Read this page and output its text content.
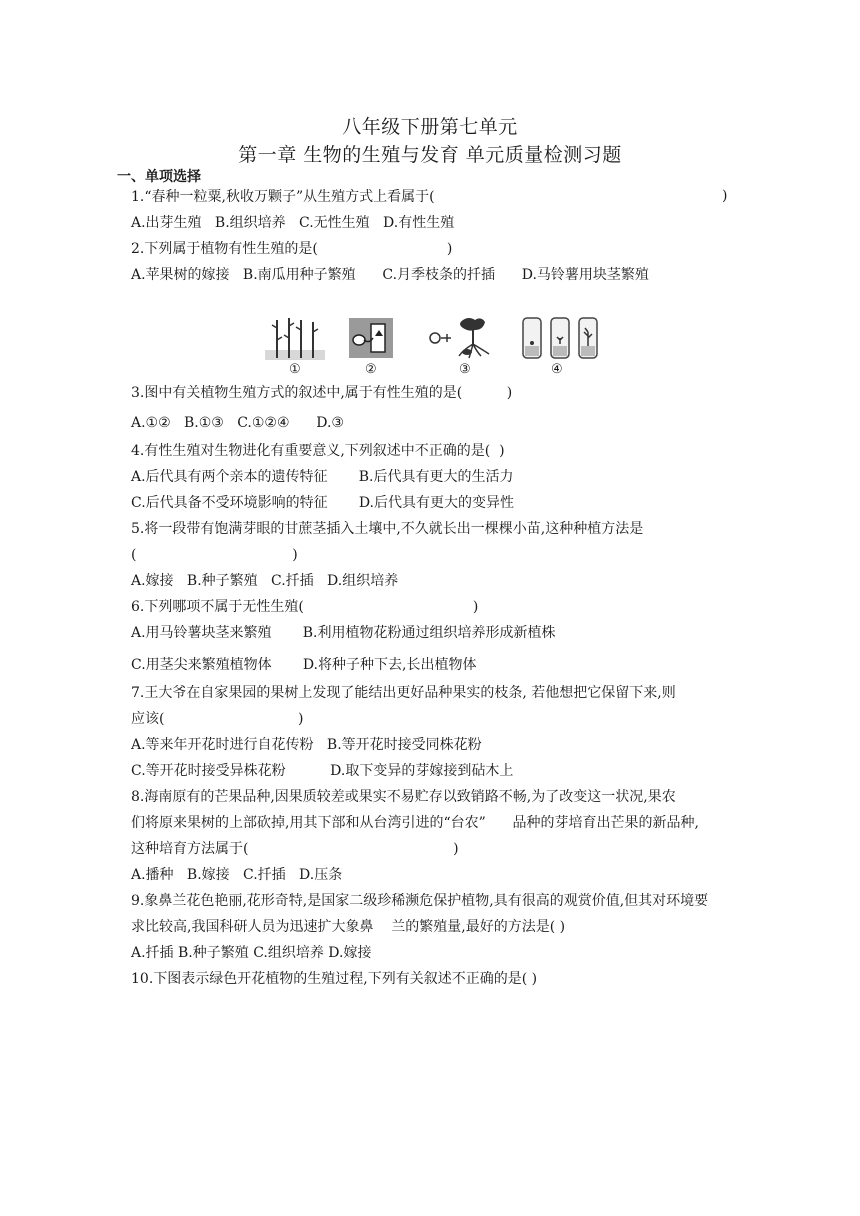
八年级下册第七单元
第一章 生物的生殖与发育 单元质量检测习题
一、单项选择
1.“春种一粒粟,秋收万颗子”从生殖方式上看属于(	)
A.出芽生殖   B.组织培养   C.无性生殖   D.有性生殖
2.下列属于植物有性生殖的是(                             )
A.苹果树的嫁接   B.南瓜用种子繁殖      C.月季枝条的扦插      D.马铃薯用块茎繁殖
①	②	③	④
3.图中有关植物生殖方式的叙述中,属于有性生殖的是(          )
A.①②   B.①③   C.①②④      D.③
4.有性生殖对生物进化有重要意义,下列叙述中不正确的是(  )
A.后代具有两个亲本的遗传特征       B.后代具有更大的生活力
C.后代具备不受环境影响的特征       D.后代具有更大的变异性
5.将一段带有饱满芽眼的甘蔗茎插入土壤中,不久就长出一棵棵小苗,这种种植方法是
(                                   )
A.嫁接   B.种子繁殖   C.扦插   D.组织培养
6.下列哪项不属于无性生殖(                                      )
A.用马铃薯块茎来繁殖       B.利用植物花粉通过组织培养形成新植株
C.用茎尖来繁殖植物体       D.将种子种下去,长出植物体
7.王大爷在自家果园的果树上发现了能结出更好品种果实的枝条, 若他想把它保留下来,则
应该(                              )
A.等来年开花时进行自花传粉   B.等开花时接受同株花粉
C.等开花时接受异株花粉          D.取下变异的芽嫁接到砧木上
8.海南原有的芒果品种,因果质较差或果实不易贮存以致销路不畅,为了改变这一状况,果农
们将原来果树的上部砍掉,用其下部和从台湾引进的“台农”      品种的芽培育出芒果的新品种,
这种培育方法属于(                                              )
A.播种   B.嫁接   C.扦插   D.压条
9.象鼻兰花色艳丽,花形奇特,是国家二级珍稀濒危保护植物,具有很高的观赏价值,但其对环境要
求比较高,我国科研人员为迅速扩大象鼻    兰的繁殖量,最好的方法是( )
A.扦插 B.种子繁殖 C.组织培养 D.嫁接
10.下图表示绿色开花植物的生殖过程,下列有关叙述不正确的是( )
